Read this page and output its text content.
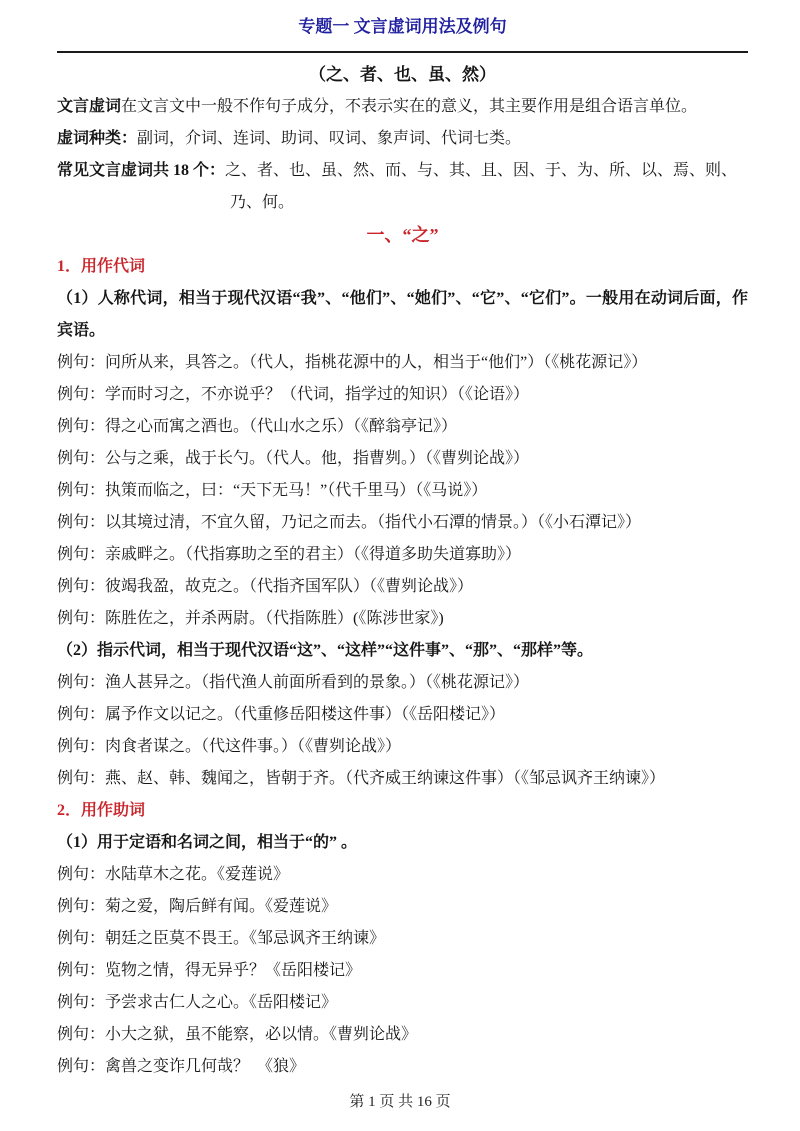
专题一 文言虚词用法及例句
（之、者、也、虽、然）

文言虚词在文言文中一般不作句子成分，不表示实在的意义，其主要作用是组合语言单位。

虚词种类：副词，介词、连词、助词、叹词、象声词、代词七类。

常见文言虚词共 18 个：之、者、也、虽、然、而、与、其、且、因、于、为、所、以、焉、则、

乃、何。

一、“之”

1．用作代词

（1）人称代词，相当于现代汉语“我”、“他们”、“她们”、“它”、“它们”。一般用在动词后面，作宾语。

例句：问所从来，具答之。（代人，指桃花源中的人，相当于“他们”）（《桃花源记》）

例句：学而时习之，不亦说乎？（代词，指学过的知识）（《论语》）

例句：得之心而寓之酒也。（代山水之乐）（《醉翁亭记》）

例句：公与之乘，战于长勺。（代人。他，指曹刿。）（《曹刿论战》）

例句：执策而临之，曰：“天下无马！”（代千里马）（《马说》）

例句：以其境过清，不宜久留，乃记之而去。（指代小石潭的情景。）（《小石潭记》）

例句：亲戚畔之。（代指寡助之至的君主）（《得道多助失道寡助》）

例句：彼竭我盈，故克之。（代指齐国军队）（《曹刿论战》）

例句：陈胜佐之，并杀两尉。（代指陈胜）(《陈涉世家》)

（2）指示代词，相当于现代汉语“这”、“这样”“这件事”、“那”、“那样”等。

例句：渔人甚异之。（指代渔人前面所看到的景象。）（《桃花源记》）

例句：属予作文以记之。（代重修岳阳楼这件事）（《岳阳楼记》）

例句：肉食者谋之。（代这件事。）（《曹刿论战》）

例句：燕、赵、韩、魏闻之，皆朝于齐。（代齐威王纳谏这件事）（《邹忌讽齐王纳谏》）

2．用作助词

（1）用于定语和名词之间，相当于“的” 。

例句：水陆草木之花。《爱莲说》

例句：菊之爱，陶后鲜有闻。《爱莲说》

例句：朝廷之臣莫不畏王。《邹忌讽齐王纳谏》

例句：览物之情，得无异乎？《岳阳楼记》

例句：予尝求古仁人之心。《岳阳楼记》

例句：小大之狱，虽不能察，必以情。《曹刿论战》

例句：禽兽之变诈几何哉？　《狼》

第 1 页 共 16 页
